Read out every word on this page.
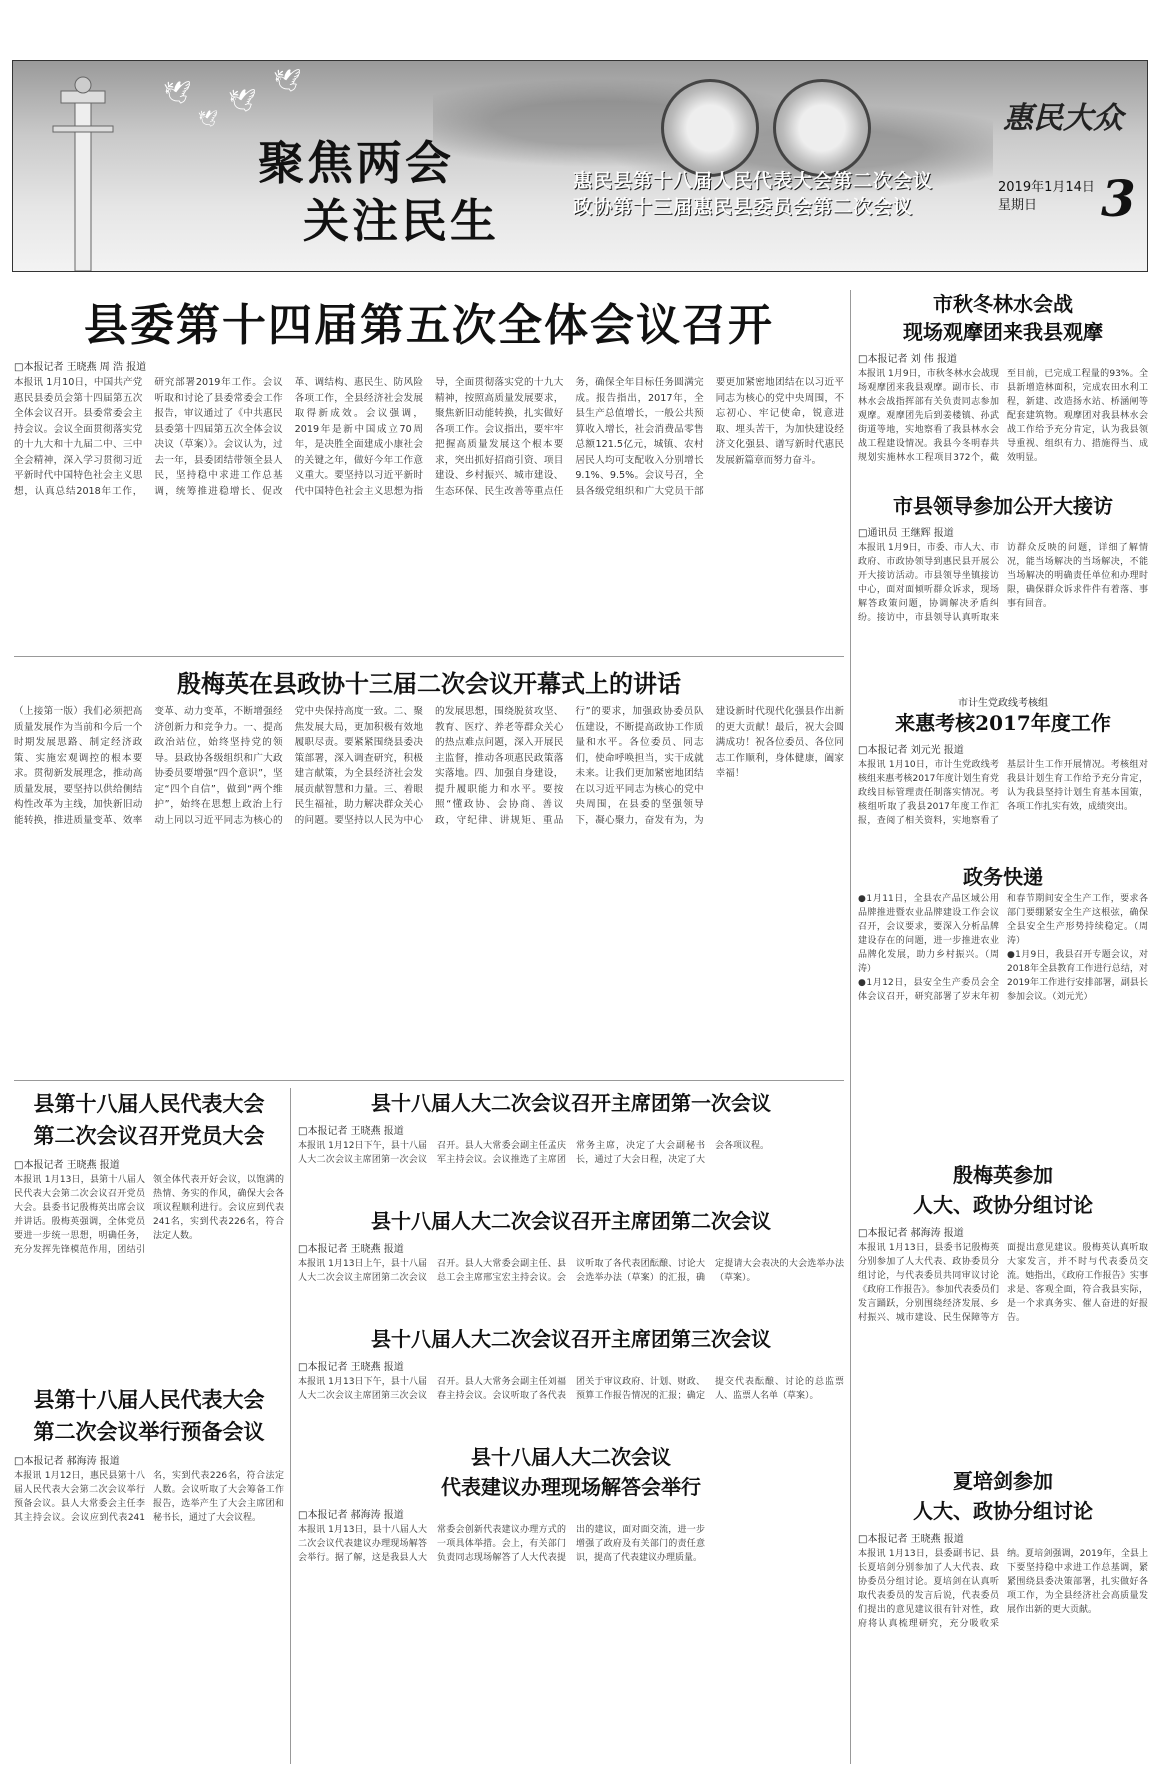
🕊 🕊
🕊
🕊
聚焦两会
关注民生
惠民县第十八届人民代表大会第二次会议
政协第十三届惠民县委员会第二次会议
惠民大众
2019年1月14日
星期日	3
县委第十四届第五次全体会议召开
□本报记者 王晓燕 周 浩 报道
本报讯 1月10日，中国共产党惠民县委员会第十四届第五次全体会议召开。县委常委会主持会议。会议全面贯彻落实党的十九大和十九届二中、三中全会精神，深入学习贯彻习近平新时代中国特色社会主义思想，认真总结2018年工作，研究部署2019年工作。会议听取和讨论了县委常委会工作报告，审议通过了《中共惠民县委第十四届第五次全体会议决议（草案）》。会议认为，过去一年，县委团结带领全县人民，坚持稳中求进工作总基调，统筹推进稳增长、促改革、调结构、惠民生、防风险各项工作，全县经济社会发展取得新成效。会议强调，2019年是新中国成立70周年，是决胜全面建成小康社会的关键之年，做好今年工作意义重大。要坚持以习近平新时代中国特色社会主义思想为指导，全面贯彻落实党的十九大精神，按照高质量发展要求，聚焦新旧动能转换，扎实做好各项工作。会议指出，要牢牢把握高质量发展这个根本要求，突出抓好招商引资、项目建设、乡村振兴、城市建设、生态环保、民生改善等重点任务，确保全年目标任务圆满完成。报告指出，2017年，全县生产总值增长，一般公共预算收入增长，社会消费品零售总额121.5亿元，城镇、农村居民人均可支配收入分别增长9.1%、9.5%。会议号召，全县各级党组织和广大党员干部要更加紧密地团结在以习近平同志为核心的党中央周围，不忘初心、牢记使命，锐意进取、埋头苦干，为加快建设经济文化强县、谱写新时代惠民发展新篇章而努力奋斗。
市秋冬林水会战
现场观摩团来我县观摩
□本报记者 刘 伟 报道
本报讯 1月9日，市秋冬林水会战现场观摩团来我县观摩。副市长、市林水会战指挥部有关负责同志参加观摩。观摩团先后到姜楼镇、孙武街道等地，实地察看了我县林水会战工程建设情况。我县今冬明春共规划实施林水工程项目372个，截至目前，已完成工程量的93%。全县新增造林面积，完成农田水利工程，新建、改造扬水站、桥涵闸等配套建筑物。观摩团对我县林水会战工作给予充分肯定，认为我县领导重视、组织有力、措施得当、成效明显。
市县领导参加公开大接访
□通讯员 王继辉 报道
本报讯 1月9日，市委、市人大、市政府、市政协领导到惠民县开展公开大接访活动。市县领导坐镇接访中心，面对面倾听群众诉求，现场解答政策问题，协调解决矛盾纠纷。接访中，市县领导认真听取来访群众反映的问题，详细了解情况，能当场解决的当场解决，不能当场解决的明确责任单位和办理时限，确保群众诉求件件有着落、事事有回音。
市计生党政线考核组
来惠考核2017年度工作
□本报记者 刘元光 报道
本报讯 1月10日，市计生党政线考核组来惠考核2017年度计划生育党政线目标管理责任制落实情况。考核组听取了我县2017年度工作汇报，查阅了相关资料，实地察看了基层计生工作开展情况。考核组对我县计划生育工作给予充分肯定，认为我县坚持计划生育基本国策，各项工作扎实有效，成绩突出。
政务快递

●1月11日，全县农产品区域公用品牌推进暨农业品牌建设工作会议召开，会议要求，要深入分析品牌建设存在的问题，进一步推进农业品牌化发展，助力乡村振兴。（周涛）

●1月12日，县安全生产委员会全体会议召开，研究部署了岁末年初和春节期间安全生产工作，要求各部门要绷紧安全生产这根弦，确保全县安全生产形势持续稳定。（周涛）

●1月9日，我县召开专题会议，对2018年全县教育工作进行总结，对2019年工作进行安排部署，副县长参加会议。（刘元光）

殷梅英在县政协十三届二次会议开幕式上的讲话
（上接第一版）我们必须把高质量发展作为当前和今后一个时期发展思路、制定经济政策、实施宏观调控的根本要求。贯彻新发展理念，推动高质量发展，要坚持以供给侧结构性改革为主线，加快新旧动能转换，推进质量变革、效率变革、动力变革，不断增强经济创新力和竞争力。一、提高政治站位，始终坚持党的领导。县政协各级组织和广大政协委员要增强“四个意识”，坚定“四个自信”，做到“两个维护”，始终在思想上政治上行动上同以习近平同志为核心的党中央保持高度一致。二、聚焦发展大局，更加积极有效地履职尽责。要紧紧围绕县委决策部署，深入调查研究，积极建言献策，为全县经济社会发展贡献智慧和力量。三、着眼民生福祉，助力解决群众关心的问题。要坚持以人民为中心的发展思想，围绕脱贫攻坚、教育、医疗、养老等群众关心的热点难点问题，深入开展民主监督，推动各项惠民政策落实落地。四、加强自身建设，提升履职能力和水平。要按照“懂政协、会协商、善议政，守纪律、讲规矩、重品行”的要求，加强政协委员队伍建设，不断提高政协工作质量和水平。各位委员、同志们，使命呼唤担当，实干成就未来。让我们更加紧密地团结在以习近平同志为核心的党中央周围，在县委的坚强领导下，凝心聚力，奋发有为，为建设新时代现代化强县作出新的更大贡献！最后，祝大会圆满成功！祝各位委员、各位同志工作顺利，身体健康，阖家幸福！
县第十八届人民代表大会
第二次会议召开党员大会
□本报记者 王晓燕 报道
本报讯 1月13日，县第十八届人民代表大会第二次会议召开党员大会。县委书记殷梅英出席会议并讲话。殷梅英强调，全体党员要进一步统一思想，明确任务，充分发挥先锋模范作用，团结引领全体代表开好会议，以饱满的热情、务实的作风，确保大会各项议程顺利进行。会议应到代表241名，实到代表226名，符合法定人数。
县第十八届人民代表大会
第二次会议举行预备会议
□本报记者 郝海涛 报道
本报讯 1月12日，惠民县第十八届人民代表大会第二次会议举行预备会议。县人大常委会主任李其主持会议。会议应到代表241名，实到代表226名，符合法定人数。会议听取了大会筹备工作报告，选举产生了大会主席团和秘书长，通过了大会议程。
县十八届人大二次会议召开主席团第一次会议
□本报记者 王晓燕 报道
本报讯 1月12日下午，县十八届人大二次会议主席团第一次会议召开。县人大常委会副主任孟庆军主持会议。会议推选了主席团常务主席，决定了大会副秘书长，通过了大会日程，决定了大会各项议程。
县十八届人大二次会议召开主席团第二次会议
□本报记者 王晓燕 报道
本报讯 1月13日上午，县十八届人大二次会议主席团第二次会议召开。县人大常委会副主任、县总工会主席邢宝宏主持会议。会议听取了各代表团酝酿、讨论大会选举办法（草案）的汇报，确定提请大会表决的大会选举办法（草案）。
县十八届人大二次会议召开主席团第三次会议
□本报记者 王晓燕 报道
本报讯 1月13日下午，县十八届人大二次会议主席团第三次会议召开。县人大常务会副主任刘福春主持会议。会议听取了各代表团关于审议政府、计划、财政、预算工作报告情况的汇报；确定提交代表酝酿、讨论的总监票人、监票人名单（草案）。
县十八届人大二次会议
代表建议办理现场解答会举行
□本报记者 郝海涛 报道
本报讯 1月13日，县十八届人大二次会议代表建议办理现场解答会举行。据了解，这是我县人大常委会创新代表建议办理方式的一项具体举措。会上，有关部门负责同志现场解答了人大代表提出的建议，面对面交流，进一步增强了政府及有关部门的责任意识，提高了代表建议办理质量。
殷梅英参加
人大、政协分组讨论
□本报记者 郝海涛 报道
本报讯 1月13日，县委书记殷梅英分别参加了人大代表、政协委员分组讨论，与代表委员共同审议讨论《政府工作报告》。参加代表委员们发言踊跃，分别围绕经济发展、乡村振兴、城市建设、民生保障等方面提出意见建议。殷梅英认真听取大家发言，并不时与代表委员交流。她指出，《政府工作报告》实事求是、客观全面，符合我县实际，是一个求真务实、催人奋进的好报告。
夏培剑参加
人大、政协分组讨论
□本报记者 王晓燕 报道
本报讯 1月13日，县委副书记、县长夏培剑分别参加了人大代表、政协委员分组讨论。夏培剑在认真听取代表委员的发言后说，代表委员们提出的意见建议很有针对性，政府将认真梳理研究，充分吸收采纳。夏培剑强调，2019年，全县上下要坚持稳中求进工作总基调，紧紧围绕县委决策部署，扎实做好各项工作，为全县经济社会高质量发展作出新的更大贡献。
